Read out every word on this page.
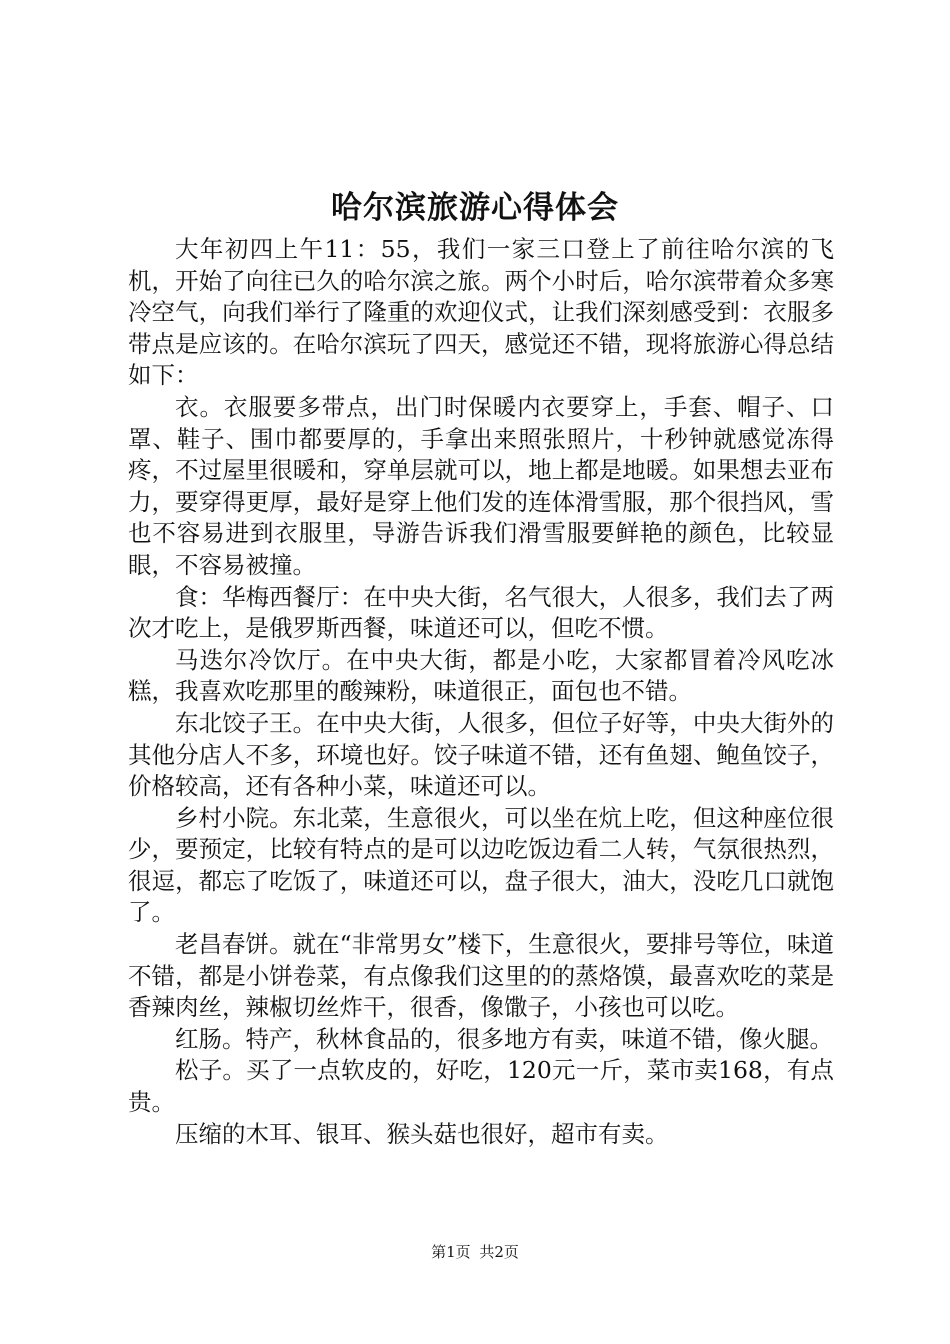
哈尔滨旅游心得体会

大年初四上午11：55，我们一家三口登上了前往哈尔滨的飞机，开始了向往已久的哈尔滨之旅。两个小时后，哈尔滨带着众多寒冷空气，向我们举行了隆重的欢迎仪式，让我们深刻感受到：衣服多带点是应该的。在哈尔滨玩了四天，感觉还不错，现将旅游心得总结如下：

衣。衣服要多带点，出门时保暖内衣要穿上，手套、帽子、口罩、鞋子、围巾都要厚的，手拿出来照张照片，十秒钟就感觉冻得疼，不过屋里很暖和，穿单层就可以，地上都是地暖。如果想去亚布力，要穿得更厚，最好是穿上他们发的连体滑雪服，那个很挡风，雪也不容易进到衣服里，导游告诉我们滑雪服要鲜艳的颜色，比较显眼，不容易被撞。

食：华梅西餐厅：在中央大街，名气很大，人很多，我们去了两次才吃上，是俄罗斯西餐，味道还可以，但吃不惯。

马迭尔冷饮厅。在中央大街，都是小吃，大家都冒着冷风吃冰糕，我喜欢吃那里的酸辣粉，味道很正，面包也不错。

东北饺子王。在中央大街，人很多，但位子好等，中央大街外的其他分店人不多，环境也好。饺子味道不错，还有鱼翅、鲍鱼饺子，价格较高，还有各种小菜，味道还可以。

乡村小院。东北菜，生意很火，可以坐在炕上吃，但这种座位很少，要预定，比较有特点的是可以边吃饭边看二人转，气氛很热烈，很逗，都忘了吃饭了，味道还可以，盘子很大，油大，没吃几口就饱了。

老昌春饼。就在“非常男女”楼下，生意很火，要排号等位，味道不错，都是小饼卷菜，有点像我们这里的的蒸烙馍，最喜欢吃的菜是香辣肉丝，辣椒切丝炸干，很香，像馓子，小孩也可以吃。

红肠。特产，秋林食品的，很多地方有卖，味道不错，像火腿。

松子。买了一点软皮的，好吃，120元一斤，菜市卖168，有点贵。

压缩的木耳、银耳、猴头菇也很好，超市有卖。

第1页 共2页
